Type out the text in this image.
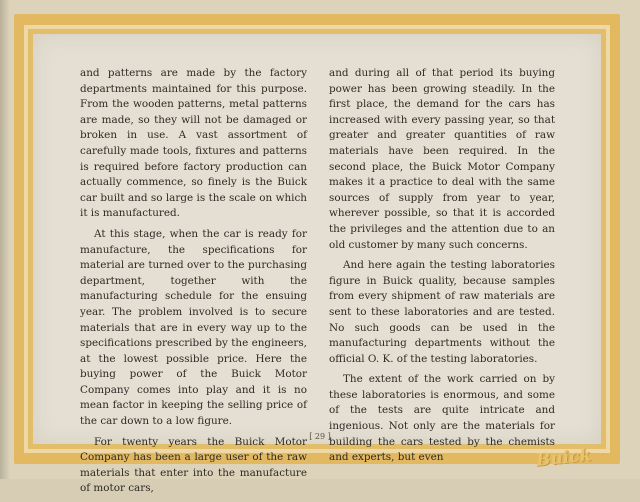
and patterns are made by the factory departments maintained for this purpose. From the wooden patterns, metal patterns are made, so they will not be damaged or broken in use. A vast assortment of carefully made tools, fixtures and patterns is required before factory production can actually commence, so finely is the Buick car built and so large is the scale on which it is manufactured.

At this stage, when the car is ready for manufacture, the specifications for material are turned over to the purchasing department, together with the manufacturing schedule for the ensuing year. The problem involved is to secure materials that are in every way up to the specifications prescribed by the engineers, at the lowest possible price. Here the buying power of the Buick Motor Company comes into play and it is no mean factor in keeping the selling price of the car down to a low figure.

For twenty years the Buick Motor Company has been a large user of the raw materials that enter into the manufacture of motor cars,

and during all of that period its buying power has been growing steadily. In the first place, the demand for the cars has increased with every passing year, so that greater and greater quantities of raw materials have been required. In the second place, the Buick Motor Company makes it a practice to deal with the same sources of supply from year to year, wherever possible, so that it is accorded the privileges and the attention due to an old customer by many such concerns.

And here again the testing laboratories figure in Buick quality, because samples from every shipment of raw materials are sent to these laboratories and are tested. No such goods can be used in the manufacturing departments without the official O. K. of the testing laboratories.

The extent of the work carried on by these laboratories is enormous, and some of the tests are quite intricate and ingenious. Not only are the materials for building the cars tested by the chemists and experts, but even

[ 29 ]
Buick
